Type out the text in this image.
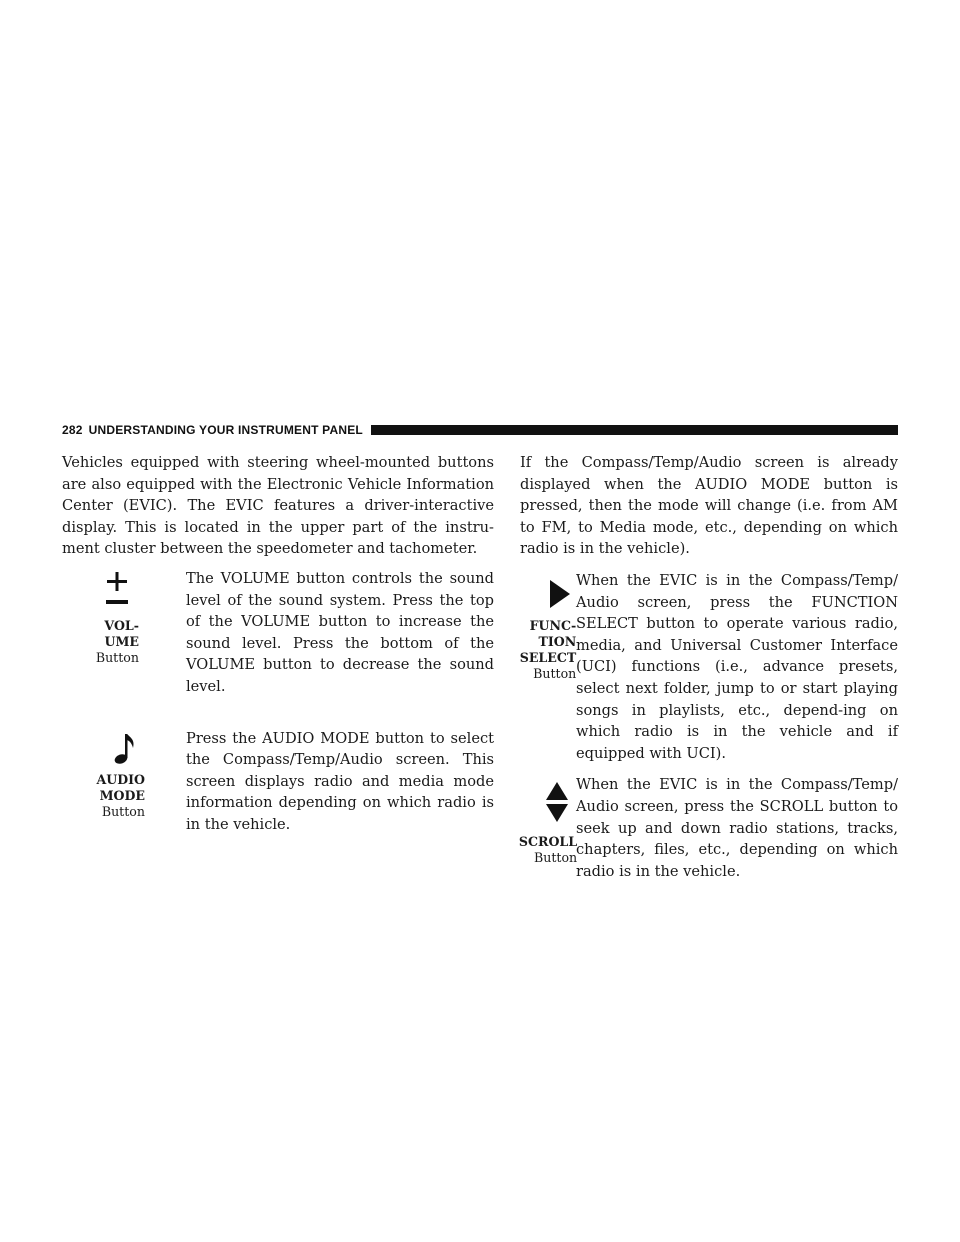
282 UNDERSTANDING YOUR INSTRUMENT PANEL

Vehicles equipped with steering wheel-mounted buttons are also equipped with the Electronic Vehicle Information Center (EVIC). The EVIC features a driver-interactive display. This is located in the upper part of the instru-ment cluster between the speedometer and tachometer.

VOL-
UME
Button

The VOLUME button controls the sound level of the sound system. Press the top of the VOLUME button to increase the sound level. Press the bottom of the VOLUME button to decrease the sound level.

AUDIO
MODE
Button

Press the AUDIO MODE button to select the Compass/Temp/Audio screen. This screen displays radio and media mode information depending on which radio is in the vehicle.

If the Compass/Temp/Audio screen is already displayed when the AUDIO MODE button is pressed, then the mode will change (i.e. from AM to FM, to Media mode, etc., depending on which radio is in the vehicle).

FUNC-
TION
SELECT
Button

When the EVIC is in the Compass/Temp/ Audio screen, press the FUNCTION SELECT button to operate various radio, media, and Universal Customer Interface (UCI) functions (i.e., advance presets, select next folder, jump to or start playing songs in playlists, etc., depend-ing on which radio is in the vehicle and if equipped with UCI).

SCROLL
Button

When the EVIC is in the Compass/Temp/ Audio screen, press the SCROLL button to seek up and down radio stations, tracks, chapters, files, etc., depending on which radio is in the vehicle.
